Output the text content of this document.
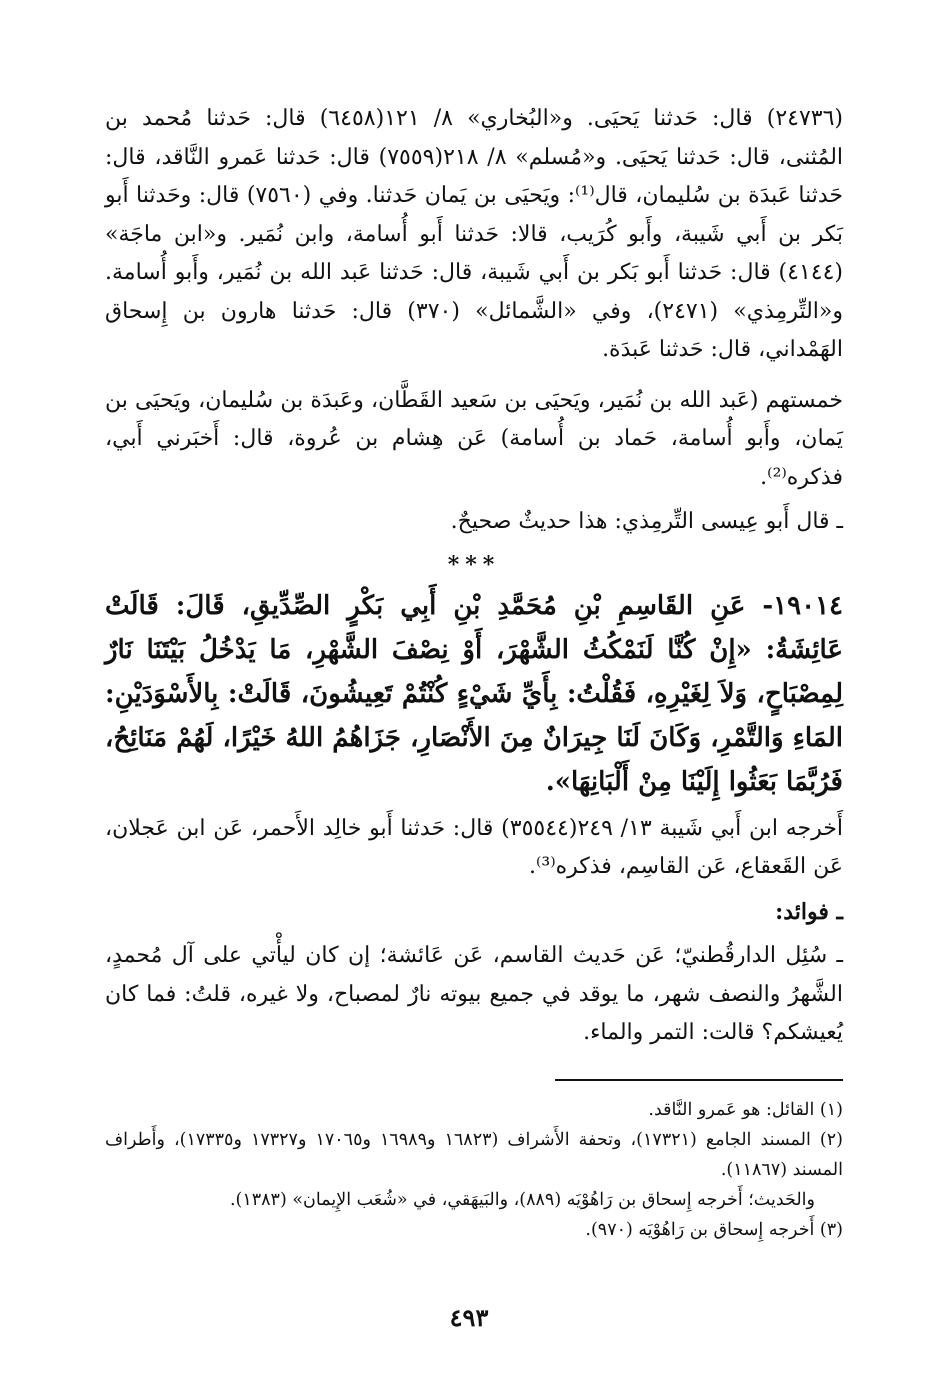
(٢٤٧٣٦) قال: حَدثنا يَحيَى. و«البُخاري» ٨/ ١٢١(٦٤٥٨) قال: حَدثنا مُحمد بن المُثنى، قال: حَدثنا يَحيَى. و«مُسلم» ٨/ ٢١٨(٧٥٥٩) قال: حَدثنا عَمرو النَّاقد، قال: حَدثنا عَبدَة بن سُليمان، قال⁽¹⁾: ويَحيَى بن يَمان حَدثنا. وفي (٧٥٦٠) قال: وحَدثنا أَبو بَكر بن أَبي شَيبة، وأَبو كُرَيب، قالا: حَدثنا أَبو أُسامة، وابن نُمَير. و«ابن ماجَة» (٤١٤٤) قال: حَدثنا أَبو بَكر بن أَبي شَيبة، قال: حَدثنا عَبد الله بن نُمَير، وأَبو أُسامة. و«التِّرمِذي» (٢٤٧١)، وفي «الشَّمائل» (٣٧٠) قال: حَدثنا هارون بن إِسحاق الهَمْداني، قال: حَدثنا عَبدَة.

خمستهم (عَبد الله بن نُمَير، ويَحيَى بن سَعيد القَطَّان، وعَبدَة بن سُليمان، ويَحيَى بن يَمان، وأَبو أُسامة، حَماد بن أُسامة) عَن هِشام بن عُروة، قال: أَخبَرني أَبي، فذكره⁽²⁾.

ـ قال أَبو عِيسى التِّرمِذي: هذا حديثٌ صحيحٌ.

***

١٩٠١٤- عَنِ القَاسِمِ بْنِ مُحَمَّدِ بْنِ أَبِي بَكْرٍ الصِّدِّيقِ، قَالَ: قَالَتْ عَائِشَةُ: «إِنْ كُنَّا لَنَمْكُثُ الشَّهْرَ، أَوْ نِصْفَ الشَّهْرِ، مَا يَدْخُلُ بَيْتَنَا نَارٌ لِمِصْبَاحٍ، وَلاَ لِغَيْرِهِ، فَقُلْتُ: بِأَيِّ شَيْءٍ كُنْتُمْ تَعِيشُونَ، قَالَتْ: بِالأَسْوَدَيْنِ: المَاءِ وَالتَّمْرِ، وَكَانَ لَنَا جِيرَانٌ مِنَ الأَنْصَارِ، جَزَاهُمُ اللهُ خَيْرًا، لَهُمْ مَنَائِحُ، فَرُبَّمَا بَعَثُوا إِلَيْنَا مِنْ أَلْبَانِهَا».

أَخرجه ابن أَبي شَيبة ١٣/ ٢٤٩(٣٥٥٤٤) قال: حَدثنا أَبو خالِد الأَحمر، عَن ابن عَجلان، عَن القَعقاع، عَن القاسِم، فذكره⁽³⁾.

ـ فوائد:

ـ سُئِل الدارقُطنيّ؛ عَن حَديث القاسم، عَن عَائشة؛ إن كان ليأْتي على آل مُحمدٍ، الشَّهرُ والنصف شهر، ما يوقد في جميع بيوته نارٌ لمصباح، ولا غيره، قلتُ: فما كان يُعيشكم؟ قالت: التمر والماء.

(١) القائل: هو عَمرو النَّاقد.

(٢) المسند الجامع (١٧٣٢١)، وتحفة الأَشراف (١٦٨٢٣ و١٦٩٨٩ و١٧٠٦٥ و١٧٣٢٧ و١٧٣٣٥)، وأَطراف المسند (١١٨٦٧).

والحَديث؛ أَخرجه إِسحاق بن رَاهُوْيَه (٨٨٩)، والبَيهَقي، في «شُعَب الإِيمان» (١٣٨٣).

(٣) أَخرجه إِسحاق بن رَاهُوْيَه (٩٧٠).

٤٩٣
